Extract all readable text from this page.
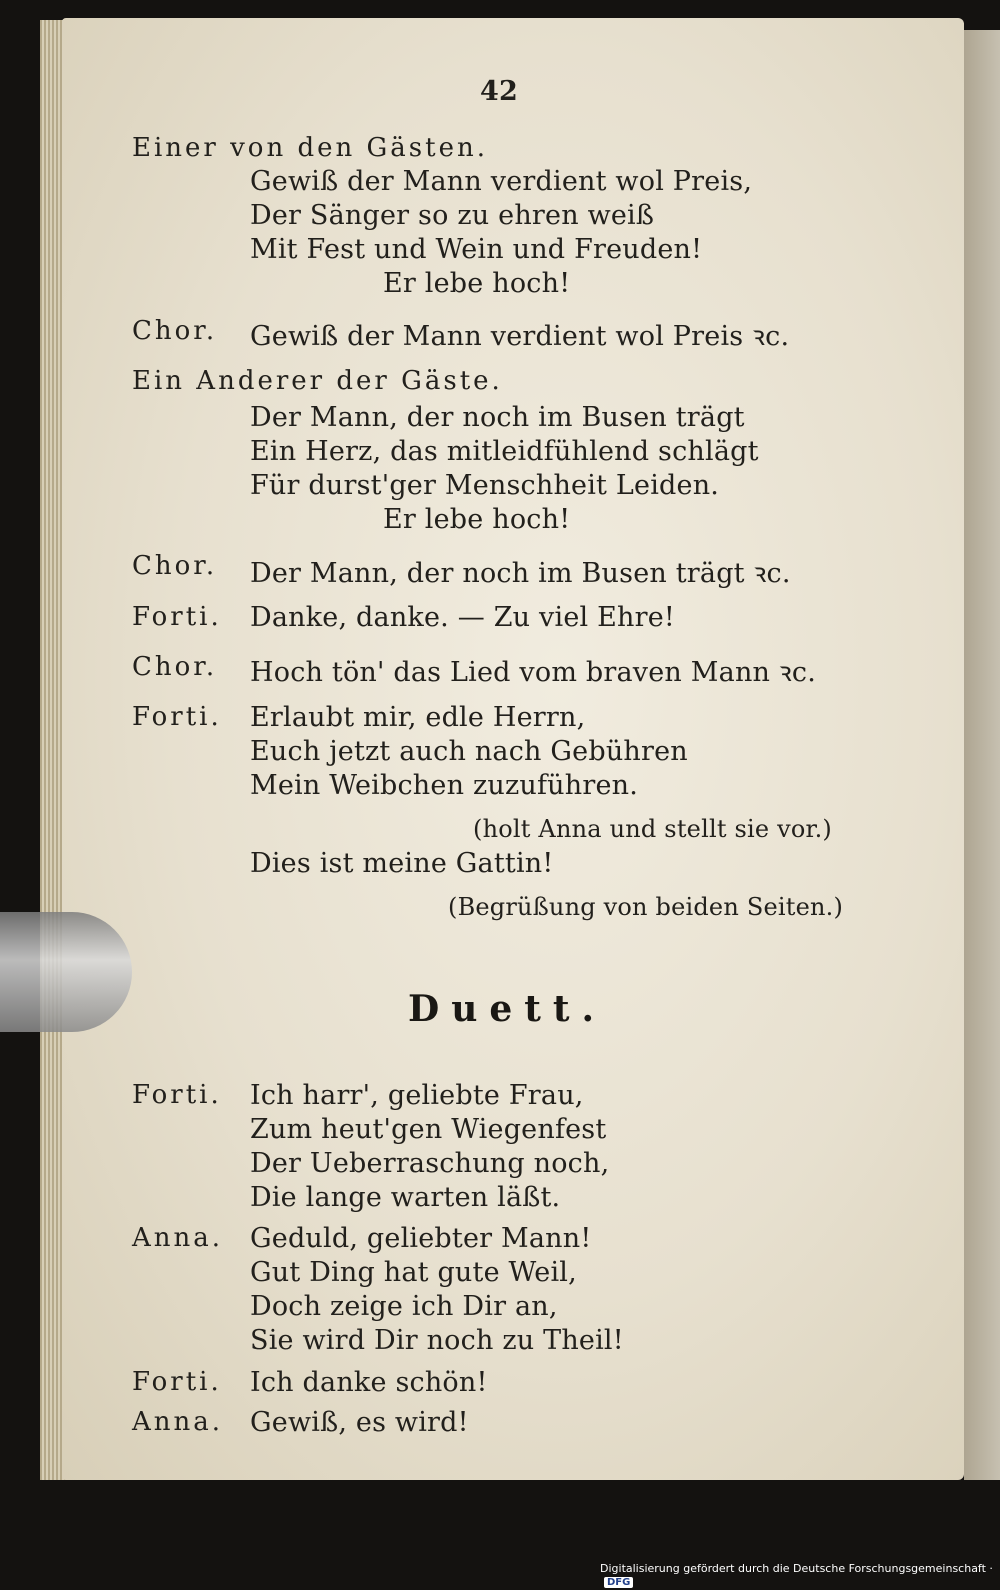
42
Einer von den Gästen.
Gewiß der Mann verdient wol Preis,
Der Sänger so zu ehren weiß
Mit Fest und Wein und Freuden!
Er lebe hoch!
Chor. Gewiß der Mann verdient wol Preis ꝛc.
Ein Anderer der Gäste.
Der Mann, der noch im Busen trägt
Ein Herz, das mitleidfühlend schlägt
Für durst'ger Menschheit Leiden.
Er lebe hoch!
Chor. Der Mann, der noch im Busen trägt ꝛc.
Forti. Danke, danke. — Zu viel Ehre!
Chor. Hoch tön' das Lied vom braven Mann ꝛc.
Forti. Erlaubt mir, edle Herrn,
Euch jetzt auch nach Gebühren
Mein Weibchen zuzuführen.
(holt Anna und stellt sie vor.)
Dies ist meine Gattin!
(Begrüßung von beiden Seiten.)
Duett.
Forti. Ich harr', geliebte Frau,
Zum heut'gen Wiegenfest
Der Ueberraschung noch,
Die lange warten läßt.
Anna. Geduld, geliebter Mann!
Gut Ding hat gute Weil,
Doch zeige ich Dir an,
Sie wird Dir noch zu Theil!
Forti. Ich danke schön!
Anna. Gewiß, es wird!
Digitalisierung gefördert durch die Deutsche Forschungsgemeinschaft · DFG
